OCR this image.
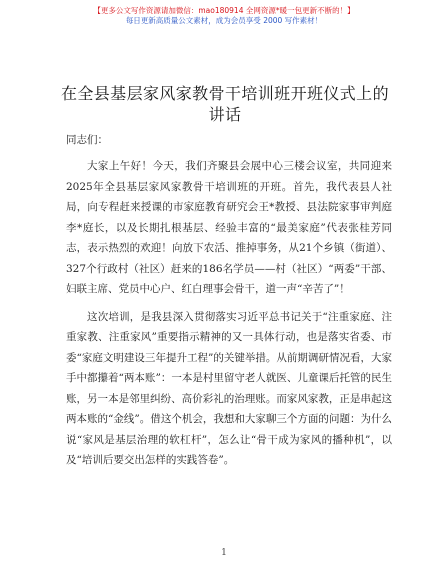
【更多公文写作资源请加微信：mao180914 全网资源*暖一包更新不断的！】
每日更新高质量公文素材，成为会员享受 2000 写作素材！
在全县基层家风家教骨干培训班开班仪式上的
讲话
同志们：

大家上午好！今天，我们齐聚县会展中心三楼会议室，共同迎来2025年全县基层家风家教骨干培训班的开班。首先，我代表县人社局，向专程赶来授课的市家庭教育研究会王*教授、县法院家事审判庭李*庭长，以及长期扎根基层、经验丰富的“最美家庭”代表张桂芳同志，表示热烈的欢迎！向放下农活、推掉事务，从21个乡镇（街道）、327个行政村（社区）赶来的186名学员——村（社区）“两委”干部、妇联主席、党员中心户、红白理事会骨干，道一声“辛苦了”！

这次培训，是我县深入贯彻落实习近平总书记关于“注重家庭、注重家教、注重家风”重要指示精神的又一具体行动，也是落实省委、市委“家庭文明建设三年提升工程”的关键举措。从前期调研情况看，大家手中都攥着“两本账”：一本是村里留守老人就医、儿童课后托管的民生账，另一本是邻里纠纷、高价彩礼的治理账。而家风家教，正是串起这两本账的“金线”。借这个机会，我想和大家聊三个方面的问题：为什么说“家风是基层治理的软杠杆”，怎么让“骨干成为家风的播种机”，以及“培训后要交出怎样的实践答卷”。

1
